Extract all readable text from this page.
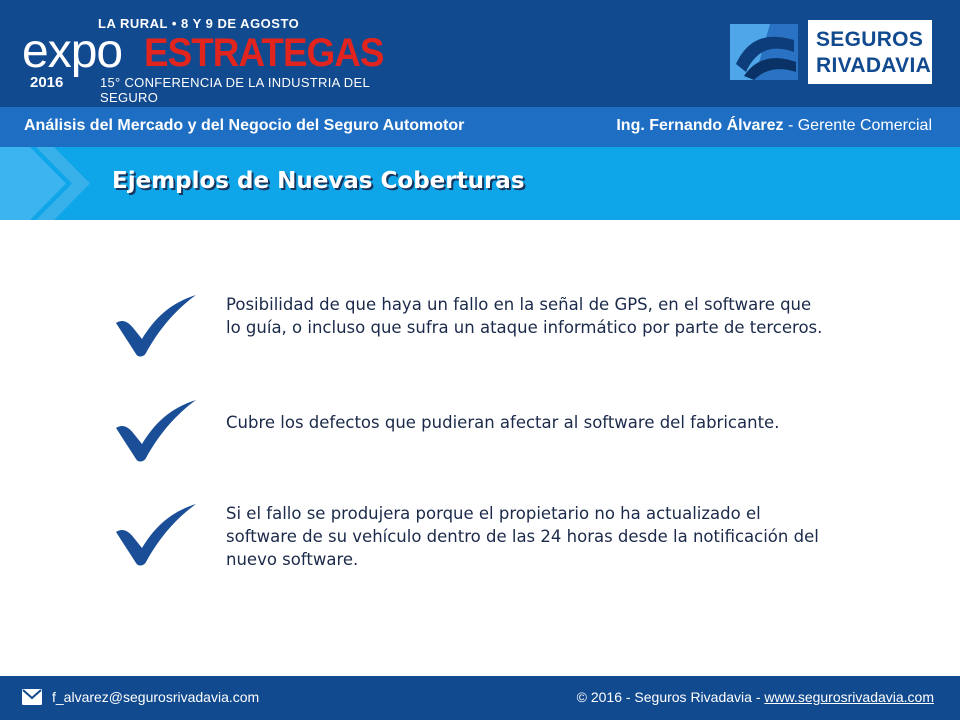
LA RURAL • 8 Y 9 DE AGOSTO
expo ESTRATEGAS
2016	15° CONFERENCIA DE LA INDUSTRIA DEL SEGURO
SEGUROS
RIVADAVIA
Análisis del Mercado y del Negocio del Seguro Automotor	Ing. Fernando Álvarez - Gerente Comercial
Ejemplos de Nuevas Coberturas
Posibilidad de que haya un fallo en la señal de GPS, en el software que lo guía, o incluso que sufra un ataque informático por parte de terceros.
Cubre los defectos que pudieran afectar al software del fabricante.
Si el fallo se produjera porque el propietario no ha actualizado el software de su vehículo dentro de las 24 horas desde la notificación del nuevo software.
f_alvarez@segurosrivadavia.com	© 2016 - Seguros Rivadavia - www.segurosrivadavia.com
